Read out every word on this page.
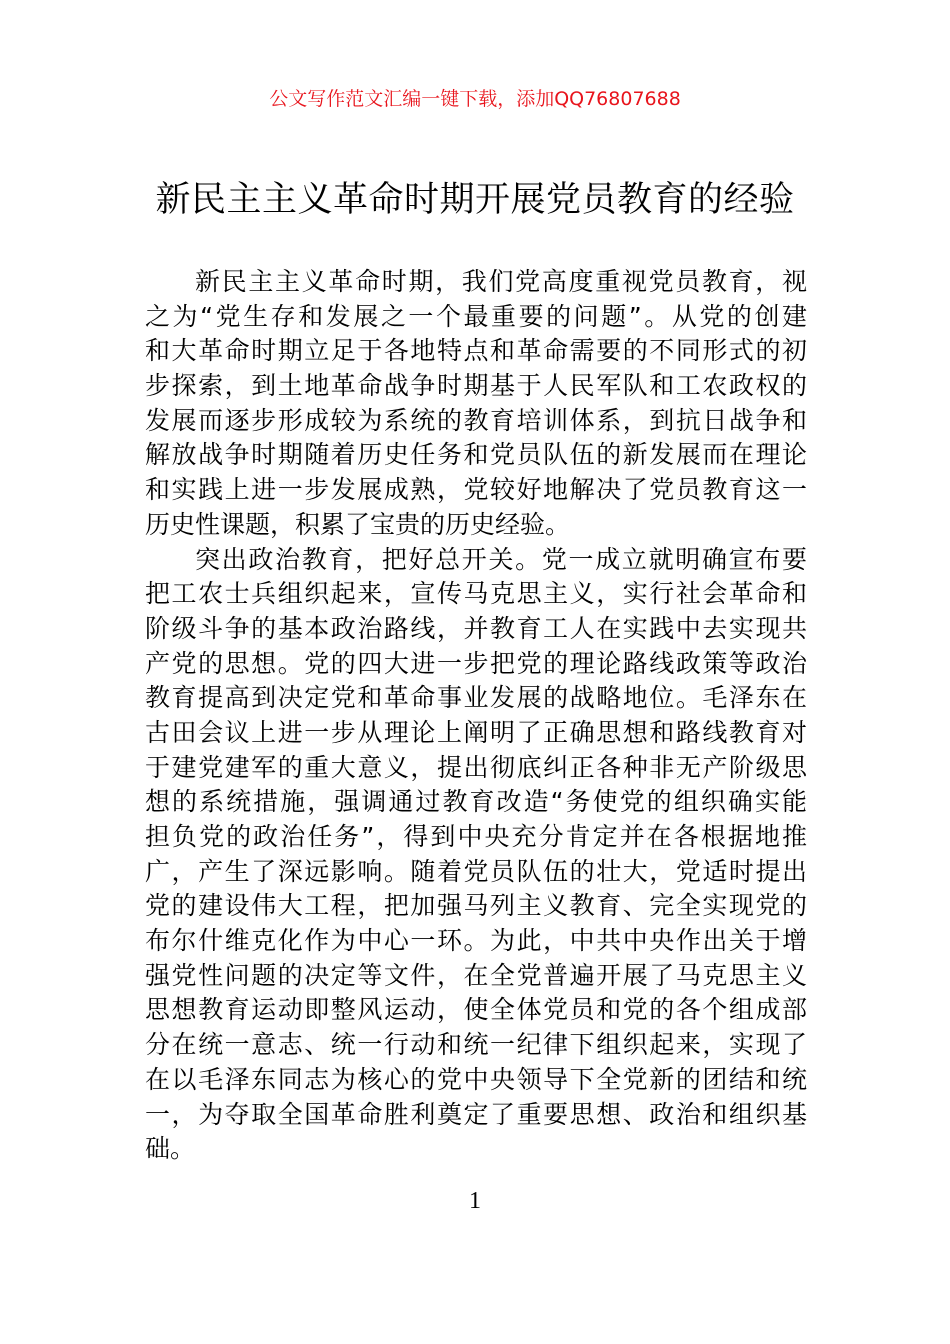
公文写作范文汇编一键下载，添加QQ76807688
新民主主义革命时期开展党员教育的经验
新民主主义革命时期，我们党高度重视党员教育，视
之为“党生存和发展之一个最重要的问题”。从党的创建
和大革命时期立足于各地特点和革命需要的不同形式的初
步探索，到土地革命战争时期基于人民军队和工农政权的
发展而逐步形成较为系统的教育培训体系，到抗日战争和
解放战争时期随着历史任务和党员队伍的新发展而在理论
和实践上进一步发展成熟，党较好地解决了党员教育这一
历史性课题，积累了宝贵的历史经验。
突出政治教育，把好总开关。党一成立就明确宣布要
把工农士兵组织起来，宣传马克思主义，实行社会革命和
阶级斗争的基本政治路线，并教育工人在实践中去实现共
产党的思想。党的四大进一步把党的理论路线政策等政治
教育提高到决定党和革命事业发展的战略地位。毛泽东在
古田会议上进一步从理论上阐明了正确思想和路线教育对
于建党建军的重大意义，提出彻底纠正各种非无产阶级思
想的系统措施，强调通过教育改造“务使党的组织确实能
担负党的政治任务”，得到中央充分肯定并在各根据地推
广，产生了深远影响。随着党员队伍的壮大，党适时提出
党的建设伟大工程，把加强马列主义教育、完全实现党的
布尔什维克化作为中心一环。为此，中共中央作出关于增
强党性问题的决定等文件，在全党普遍开展了马克思主义
思想教育运动即整风运动，使全体党员和党的各个组成部
分在统一意志、统一行动和统一纪律下组织起来，实现了
在以毛泽东同志为核心的党中央领导下全党新的团结和统
一，为夺取全国革命胜利奠定了重要思想、政治和组织基
础。
1
